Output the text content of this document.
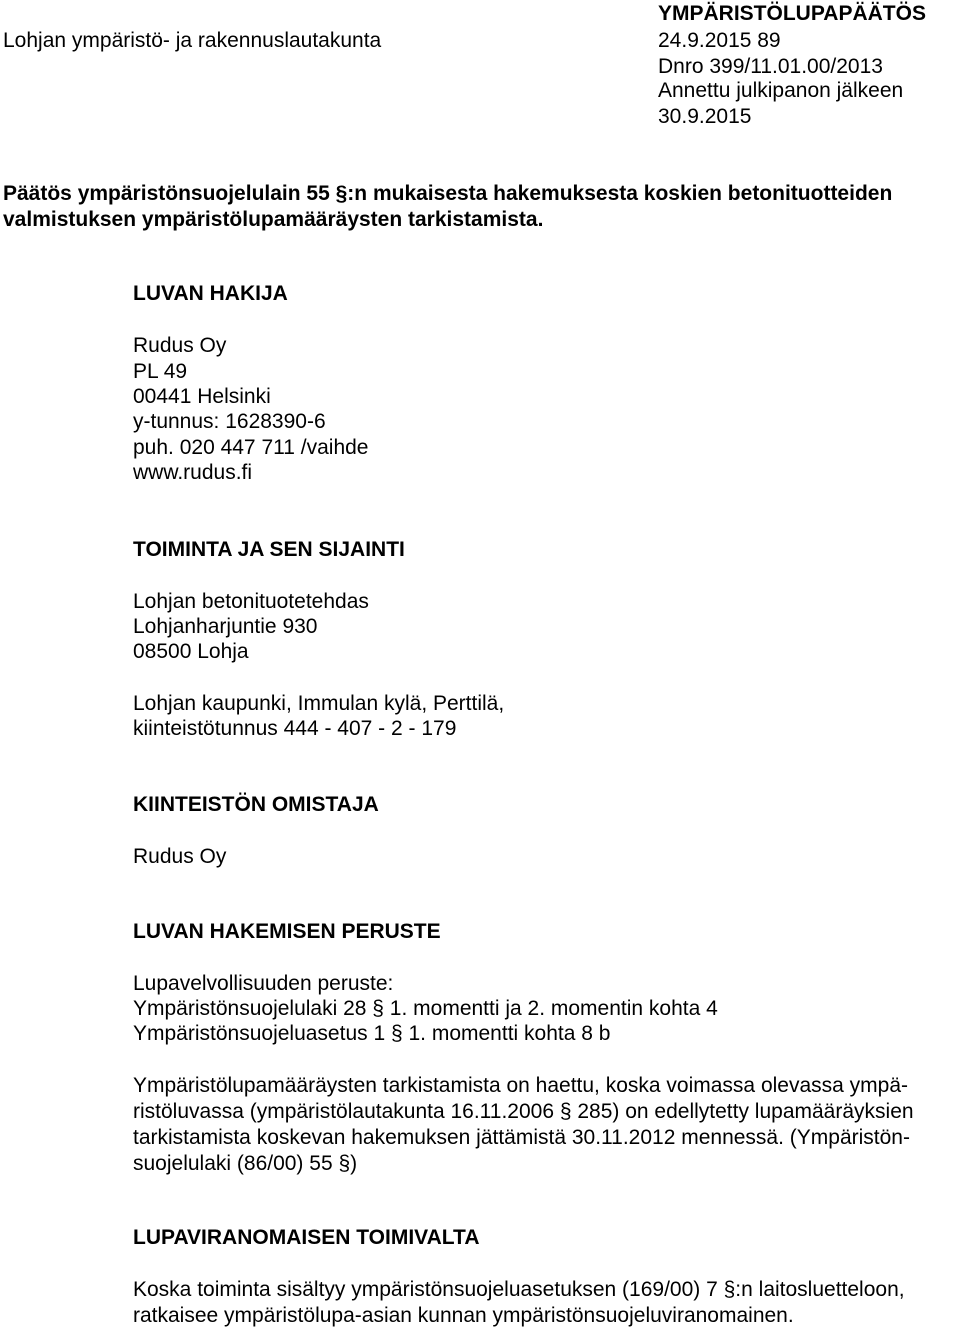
YMPÄRISTÖLUPAPÄÄTÖS
Lohjan ympäristö- ja rakennuslautakunta	24.9.2015 89
Dnro 399/11.01.00/2013
Annettu julkipanon jälkeen
30.9.2015
Päätös ympäristönsuojelulain 55 §:n mukaisesta hakemuksesta koskien betonituotteiden
valmistuksen ympäristölupamääräysten tarkistamista.
LUVAN HAKIJA
Rudus Oy
PL 49
00441 Helsinki
y-tunnus: 1628390-6
puh. 020 447 711 /vaihde
www.rudus.fi
TOIMINTA JA SEN SIJAINTI
Lohjan betonituotetehdas
Lohjanharjuntie 930
08500 Lohja
Lohjan kaupunki, Immulan kylä, Perttilä,
kiinteistötunnus 444 - 407 - 2 - 179
KIINTEISTÖN OMISTAJA
Rudus Oy
LUVAN HAKEMISEN PERUSTE
Lupavelvollisuuden peruste:
Ympäristönsuojelulaki 28 § 1. momentti ja 2. momentin kohta 4
Ympäristönsuojeluasetus 1 § 1. momentti kohta 8 b
Ympäristölupamääräysten tarkistamista on haettu, koska voimassa olevassa ympä-
ristöluvassa (ympäristölautakunta 16.11.2006 § 285) on edellytetty lupamääräyksien
tarkistamista koskevan hakemuksen jättämistä 30.11.2012 mennessä. (Ympäristön-
suojelulaki (86/00) 55 §)
LUPAVIRANOMAISEN TOIMIVALTA
Koska toiminta sisältyy ympäristönsuojeluasetuksen (169/00) 7 §:n laitosluetteloon,
ratkaisee ympäristölupa-asian kunnan ympäristönsuojeluviranomainen.
